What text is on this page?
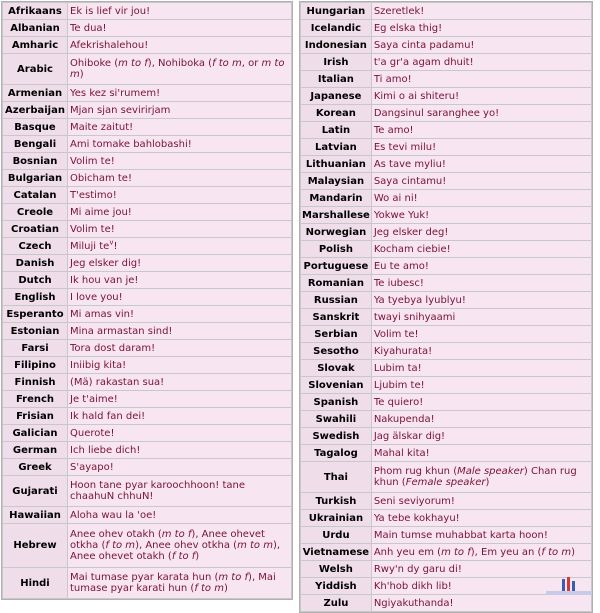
Afrikaans	Ek is lief vir jou!
Albanian	Te dua!
Amharic	Afekrishalehou!
Arabic	Ohiboke (m to f), Nohiboka (f to m, or m to m)
Armenian	Yes kez si'rumem!
Azerbaijan	Mjan sjan sevirirjam
Basque	Maite zaitut!
Bengali	Ami tomake bahlobashi!
Bosnian	Volim te!
Bulgarian	Obicham te!
Catalan	T'estimo!
Creole	Mi aime jou!
Croatian	Volim te!
Czech	Miluji $te^v$!
Danish	Jeg elsker dig!
Dutch	Ik hou van je!
English	I love you!
Esperanto	Mi amas vin!
Estonian	Mina armastan sind!
Farsi	Tora dost daram!
Filipino	Iniibig kita!
Finnish	(Mä) rakastan sua!
French	Je t'aime!
Frisian	Ik hald fan dei!
Galician	Querote!
German	Ich liebe dich!
Greek	S'ayapo!
Gujarati	Hoon tane pyar karoochhoon! tane chaahuN chhuN!
Hawaiian	Aloha wau la 'oe!
Hebrew	Anee ohev otakh (m to f), Anee ohevet otkha (f to m), Anee ohev otkha (m to m), Anee ohevet otakh (f to f)
Hindi	Mai tumase pyar karata hun (m to f), Mai tumase pyar karati hun (f to m)
Hungarian	Szeretlek!
Icelandic	Eg elska thig!
Indonesian	Saya cinta padamu!
Irish	t'a gr'a agam dhuit!
Italian	Ti amo!
Japanese	Kimi o ai shiteru!
Korean	Dangsinul saranghee yo!
Latin	Te amo!
Latvian	Es tevi milu!
Lithuanian	As tave myliu!
Malaysian	Saya cintamu!
Mandarin	Wo ai ni!
Marshallese	Yokwe Yuk!
Norwegian	Jeg elsker deg!
Polish	Kocham ciebie!
Portuguese	Eu te amo!
Romanian	Te iubesc!
Russian	Ya tyebya lyublyu!
Sanskrit	twayi snihyaami
Serbian	Volim te!
Sesotho	Kiyahurata!
Slovak	Lubim ta!
Slovenian	Ljubim te!
Spanish	Te quiero!
Swahili	Nakupenda!
Swedish	Jag älskar dig!
Tagalog	Mahal kita!
Thai	Phom rug khun (Male speaker) Chan rug khun (Female speaker)
Turkish	Seni seviyorum!
Ukrainian	Ya tebe kokhayu!
Urdu	Main tumse muhabbat karta hoon!
Vietnamese	Anh yeu em (m to f), Em yeu an (f to m)
Welsh	Rwy'n dy garu di!
Yiddish	Kh'hob dikh lib!
Zulu	Ngiyakuthanda!
